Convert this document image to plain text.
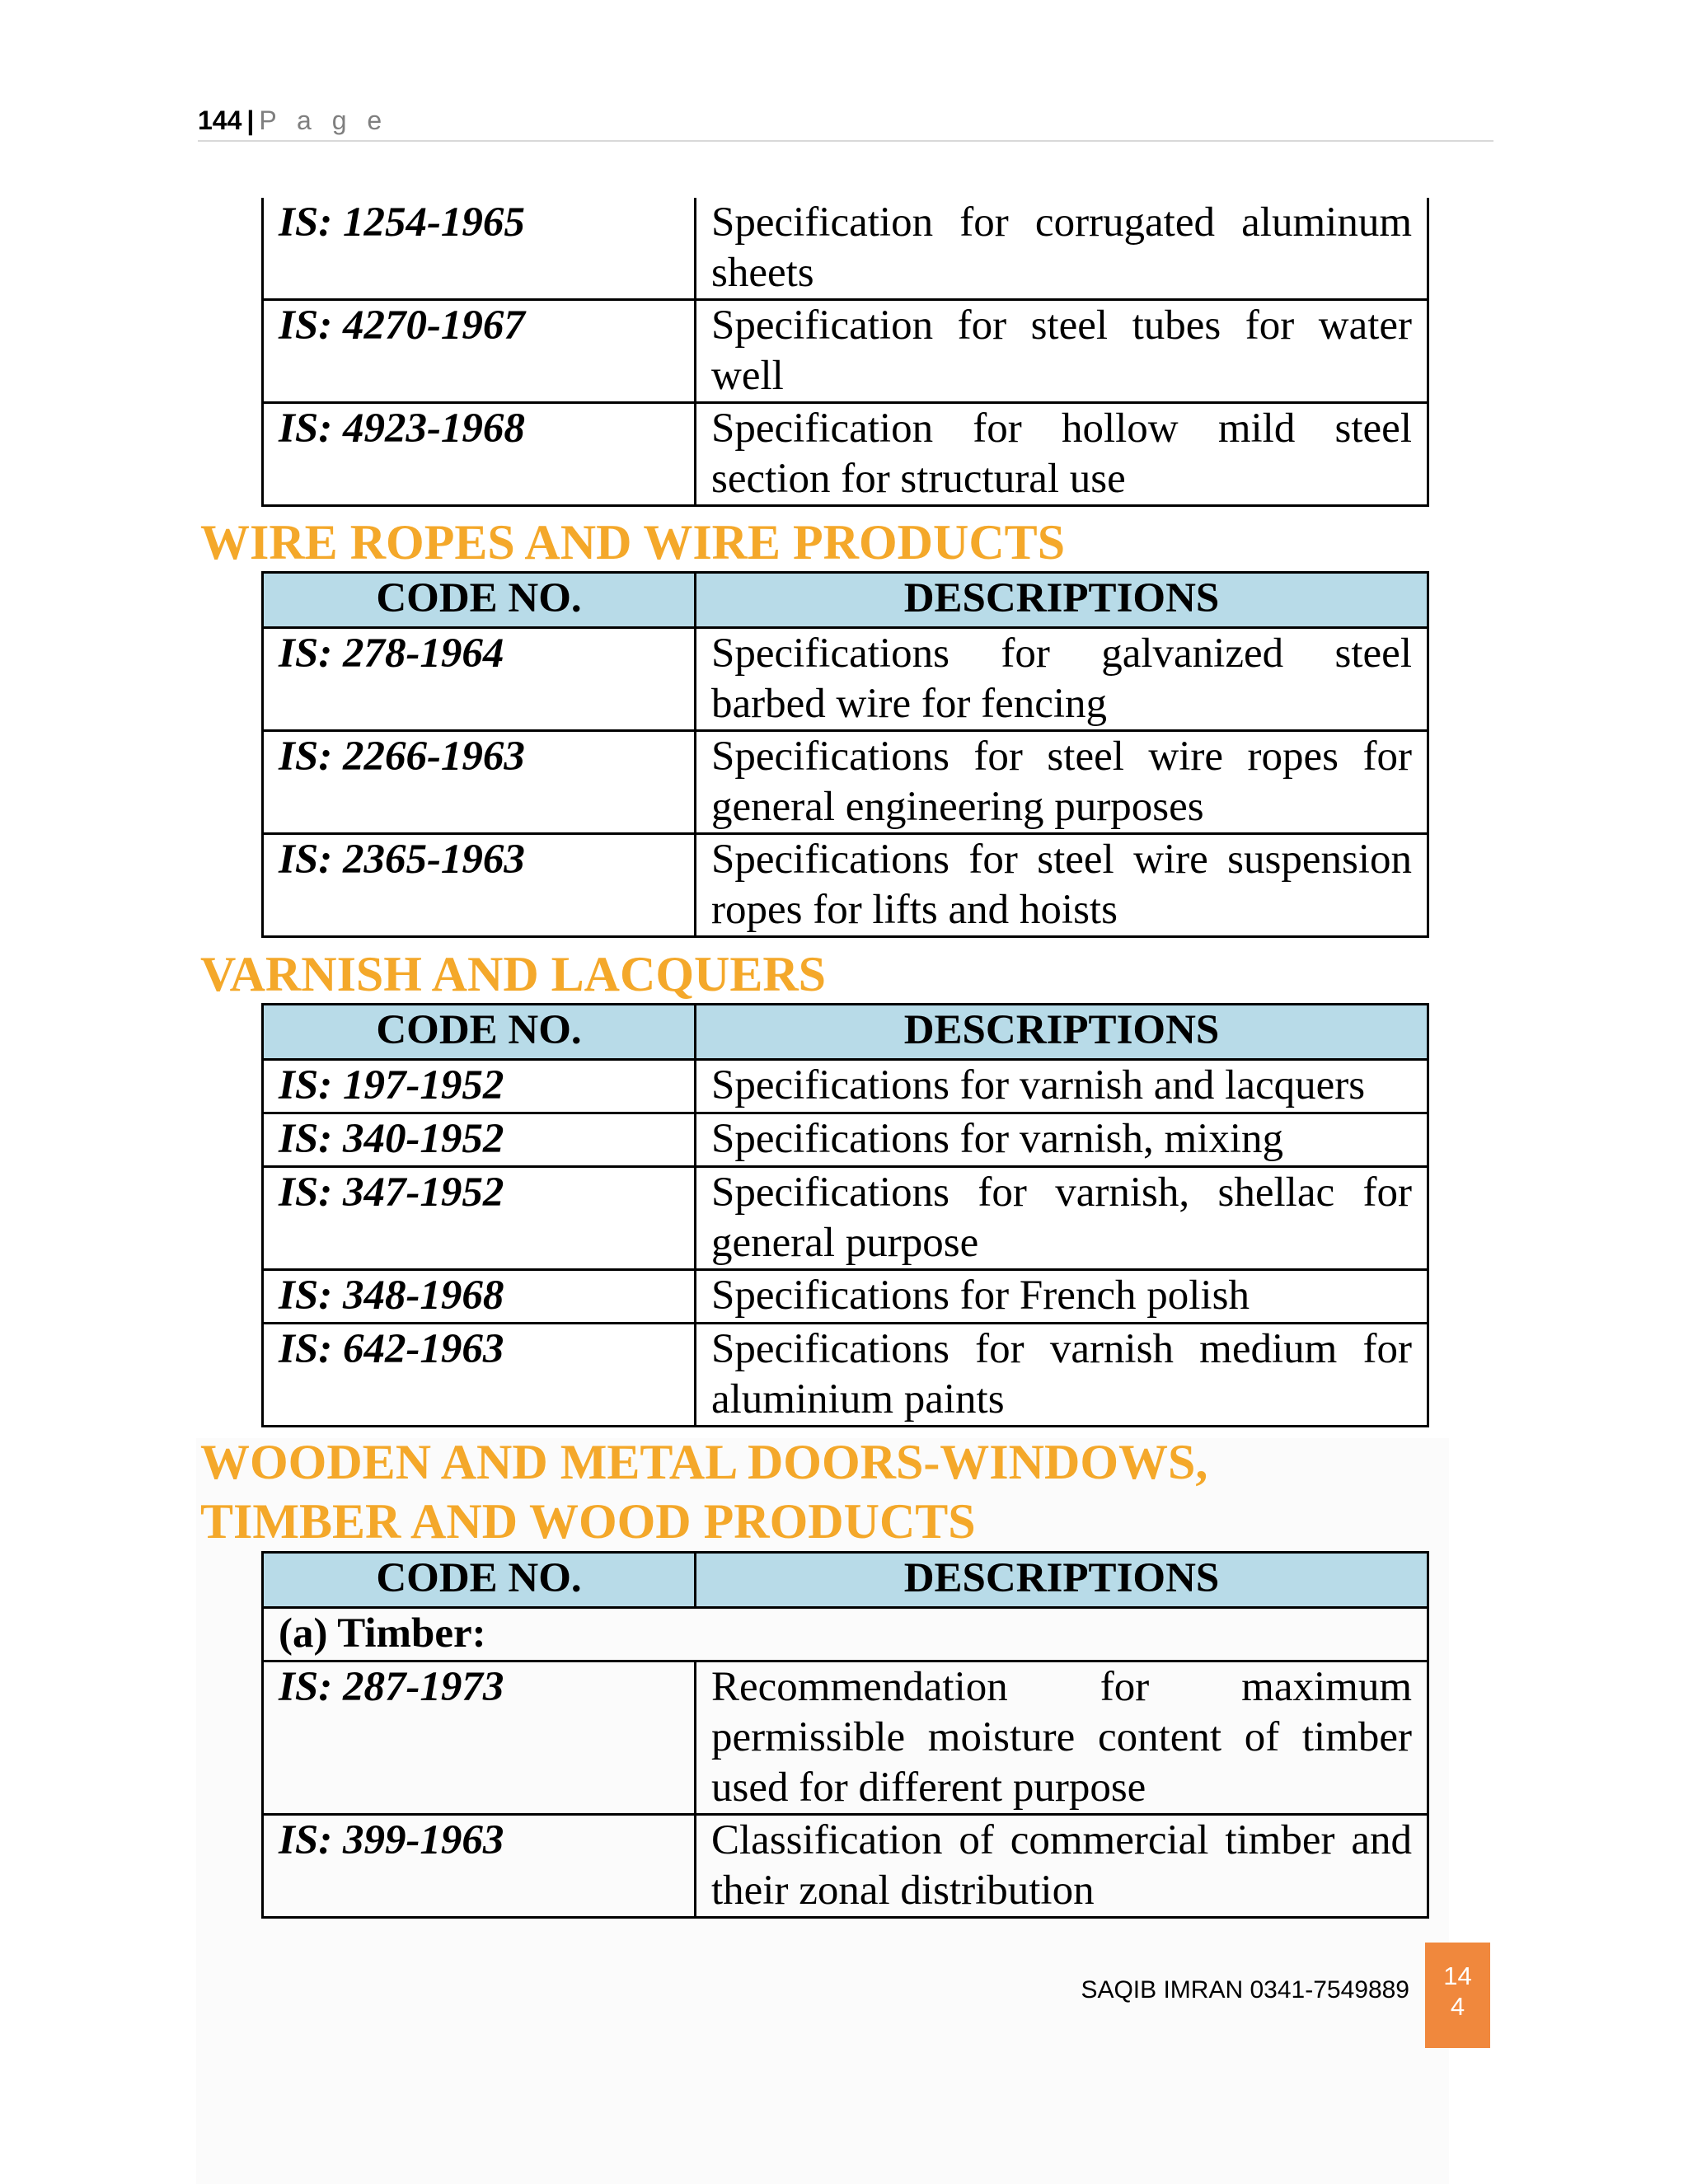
144 | P a g e
IS: 1254-1965	Specification for corrugated aluminum sheets
IS: 4270-1967	Specification for steel tubes for water well
IS: 4923-1968	Specification for hollow mild steel section for structural use
WIRE ROPES AND WIRE PRODUCTS
CODE NO.	DESCRIPTIONS
IS: 278-1964	Specifications for galvanized steel barbed wire for fencing
IS: 2266-1963	Specifications for steel wire ropes for general engineering purposes
IS: 2365-1963	Specifications for steel wire suspension ropes for lifts and hoists
VARNISH AND LACQUERS
CODE NO.	DESCRIPTIONS
IS: 197-1952	Specifications for varnish and lacquers
IS: 340-1952	Specifications for varnish, mixing
IS: 347-1952	Specifications for varnish, shellac for general purpose
IS: 348-1968	Specifications for French polish
IS: 642-1963	Specifications for varnish medium for aluminium paints
WOODEN AND METAL DOORS-WINDOWS,
TIMBER AND WOOD PRODUCTS
CODE NO.	DESCRIPTIONS
(a) Timber:	
IS: 287-1973	Recommendation for maximum permissible moisture content of timber used for different purpose
IS: 399-1963	Classification of commercial timber and their zonal distribution
SAQIB IMRAN 0341-7549889	14
4
